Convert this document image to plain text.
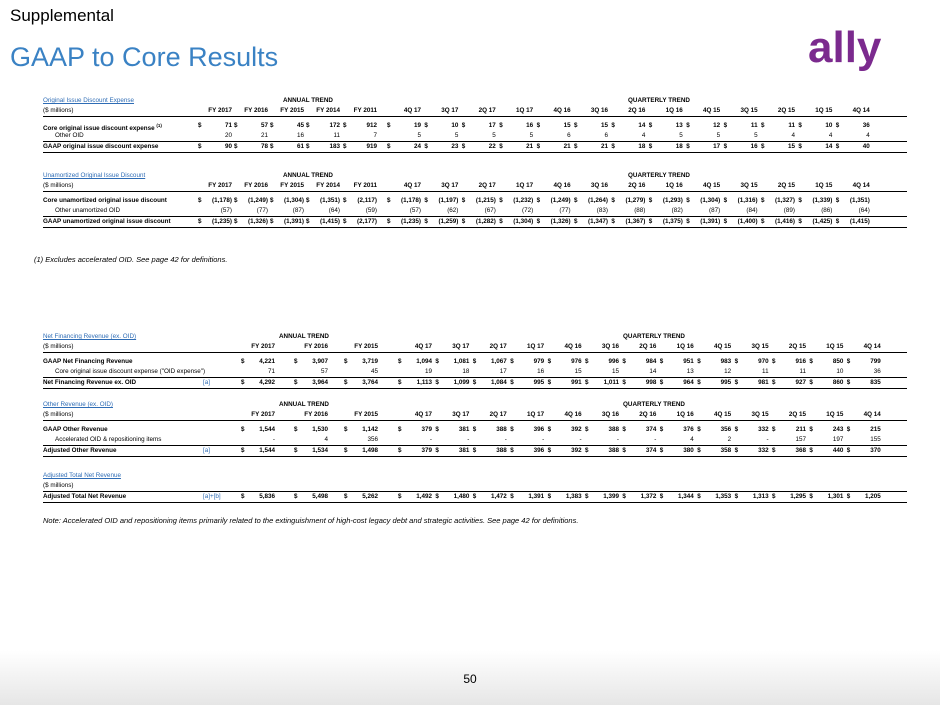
Supplemental
GAAP to Core Results	ally
Original Issue Discount Expense	ANNUAL TREND	QUARTERLY TREND
($ millions)	FY 2017	FY 2016	FY 2015	FY 2014	FY 2011	4Q 17	3Q 17	2Q 17	1Q 17	4Q 16	3Q 16	2Q 16	1Q 16	4Q 15	3Q 15	2Q 15	1Q 15	4Q 14
Core original issue discount expense $^{(1)}$	$	71 $	57 $	45 $	172 $	912 $	19 $	10 $	17 $	16 $	15 $	15 $	14 $	13 $	12 $	11 $	11 $	10 $	36
Other OID	20	21	16	11	7	5	5	5	5	6	6	4	5	5	5	4	4	4
GAAP original issue discount expense	$	90 $	78 $	61 $	183 $	919 $	24 $	23 $	22 $	21 $	21 $	21 $	18 $	18 $	17 $	16 $	15 $	14 $	40
Unamortized Original Issue Discount	ANNUAL TREND	QUARTERLY TREND
($ millions)	FY 2017	FY 2016	FY 2015	FY 2014	FY 2011	4Q 17	3Q 17	2Q 17	1Q 17	4Q 16	3Q 16	2Q 16	1Q 16	4Q 15	3Q 15	2Q 15	1Q 15	4Q 14
Core unamortized original issue discount	$	(1,178) $	(1,249) $	(1,304) $	(1,351) $	(2,117) $	(1,178) $	(1,197) $	(1,215) $	(1,232) $	(1,249) $	(1,264) $	(1,279) $	(1,293) $	(1,304) $	(1,316) $	(1,327) $	(1,339) $	(1,351)
Other unamortized OID	(57)	(77)	(87)	(64)	(59)	(57)	(62)	(67)	(72)	(77)	(83)	(88)	(82)	(87)	(84)	(89)	(86)	(64)
GAAP unamortized original issue discount	$	(1,235) $	(1,326) $	(1,391) $	(1,415) $	(2,177) $	(1,235) $	(1,259) $	(1,282) $	(1,304) $	(1,326) $	(1,347) $	(1,367) $	(1,375) $	(1,391) $	(1,400) $	(1,416) $	(1,425) $	(1,415)
Net Financing Revenue (ex. OID)	ANNUAL TREND	QUARTERLY TREND
($ millions)	FY 2017	FY 2016	FY 2015	4Q 17	3Q 17	2Q 17	1Q 17	4Q 16	3Q 16	2Q 16	1Q 16	4Q 15	3Q 15	2Q 15	1Q 15	4Q 14
GAAP Net Financing Revenue	$	4,221	$	3,907	$	3,719	$	1,094 $	1,081 $	1,067 $	979 $	976 $	996 $	984 $	951 $	983 $	970 $	916 $	850 $	799
Core original issue discount expense ("OID expense")	71	57	45	19	18	17	16	15	15	14	13	12	11	11	10	36
Net Financing Revenue ex. OID	[a]	$	4,292	$	3,964	$	3,764	$	1,113 $	1,099 $	1,084 $	995 $	991 $	1,011 $	998 $	964 $	995 $	981 $	927 $	860 $	835
Other Revenue (ex. OID)	ANNUAL TREND	QUARTERLY TREND
($ millions)	FY 2017	FY 2016	FY 2015	4Q 17	3Q 17	2Q 17	1Q 17	4Q 16	3Q 16	2Q 16	1Q 16	4Q 15	3Q 15	2Q 15	1Q 15	4Q 14
GAAP Other Revenue	$	1,544	$	1,530	$	1,142	$	379 $	381 $	388 $	396 $	392 $	388 $	374 $	376 $	356 $	332 $	211 $	243 $	215
Accelerated OID & repositioning items	-	4	356	-	-	-	-	-	-	-	4	2	-	157	197	155
Adjusted Other Revenue	[a]	$	1,544	$	1,534	$	1,498	$	379 $	381 $	388 $	396 $	392 $	388 $	374 $	380 $	358 $	332 $	368 $	440 $	370
Adjusted Total Net Revenue
($ millions)
Adjusted Total Net Revenue	[a]+[b]	$	5,836	$	5,498	$	5,262	$	1,492 $	1,480 $	1,472 $	1,391 $	1,383 $	1,399 $	1,372 $	1,344 $	1,353 $	1,313 $	1,295 $	1,301 $	1,205
(1) Excludes accelerated OID. See page 42 for definitions.
Note: Accelerated OID and repositioning items primarily related to the extinguishment of high-cost legacy debt and strategic activities. See page 42 for definitions.
50
